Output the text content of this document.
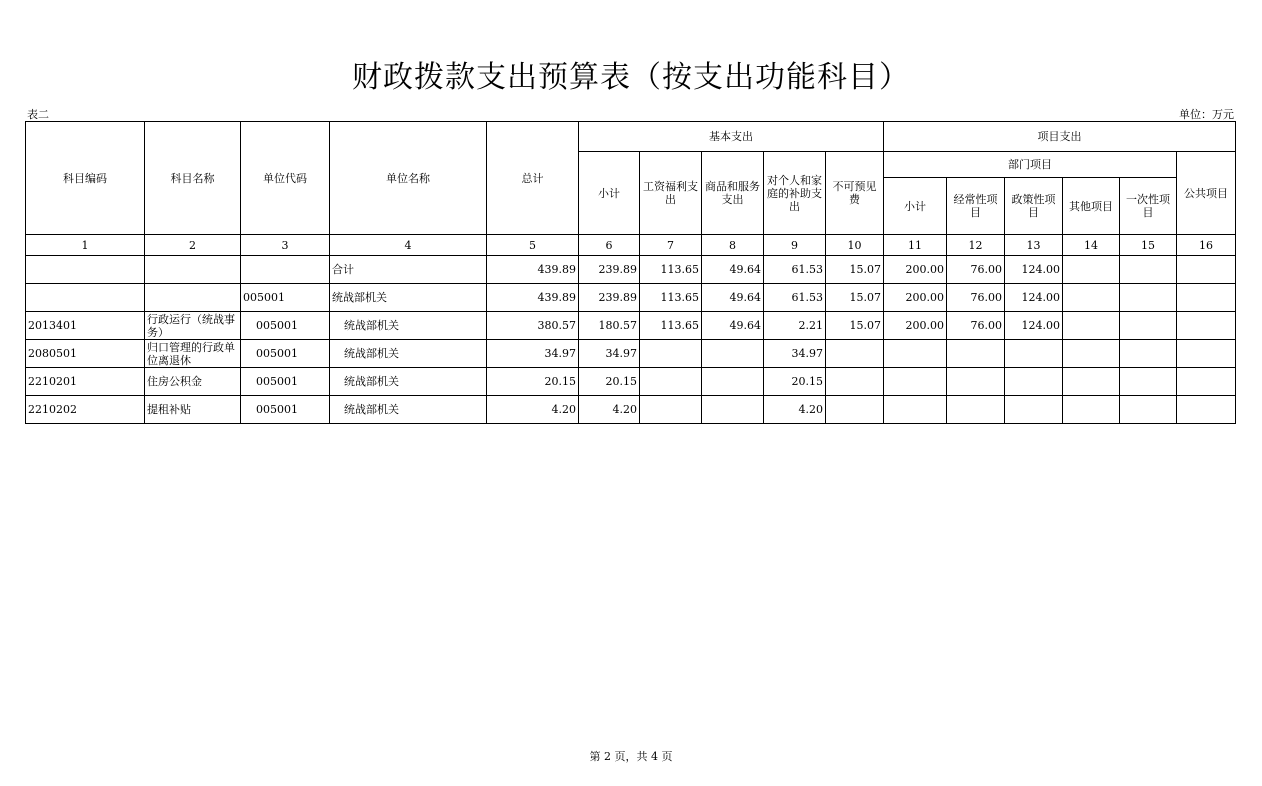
财政拨款支出预算表（按支出功能科目）
表二	单位：万元
科目编码	科目名称	单位代码	单位名称	总计	基本支出					项目支出					
					小计	工资福利支出	商品和服务支出	对个人和家庭的补助支出	不可预见费	部门项目					公共项目
										小计	经常性项目	政策性项目	其他项目	一次性项目	
1	2	3	4	5	6	7	8	9	10	11	12	13	14	15	16
			合计	439.89	239.89	113.65	49.64	61.53	15.07	200.00	76.00	124.00			
		005001	统战部机关	439.89	239.89	113.65	49.64	61.53	15.07	200.00	76.00	124.00			
2013401	行政运行（统战事务）	005001	统战部机关	380.57	180.57	113.65	49.64	2.21	15.07	200.00	76.00	124.00			
2080501	归口管理的行政单位离退休	005001	统战部机关	34.97	34.97			34.97							
2210201	住房公积金	005001	统战部机关	20.15	20.15			20.15							
2210202	提租补贴	005001	统战部机关	4.20	4.20			4.20							
第 2 页，共 4 页
